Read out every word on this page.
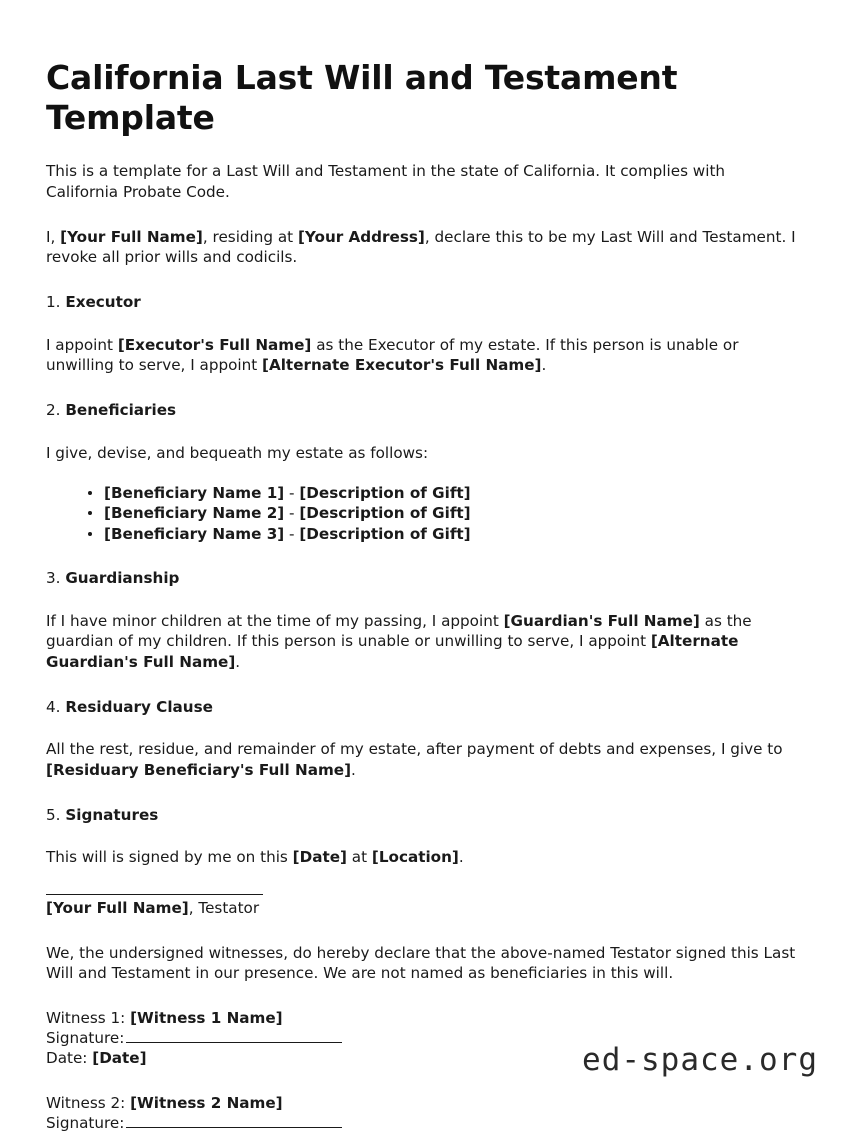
California Last Will and Testament Template

This is a template for a Last Will and Testament in the state of California. It complies with California Probate Code.

I, [Your Full Name], residing at [Your Address], declare this to be my Last Will and Testament. I revoke all prior wills and codicils.

1. Executor

I appoint [Executor's Full Name] as the Executor of my estate. If this person is unable or unwilling to serve, I appoint [Alternate Executor's Full Name].

2. Beneficiaries

I give, devise, and bequeath my estate as follows:

[Beneficiary Name 1] - [Description of Gift]
[Beneficiary Name 2] - [Description of Gift]
[Beneficiary Name 3] - [Description of Gift]
3. Guardianship

If I have minor children at the time of my passing, I appoint [Guardian's Full Name] as the guardian of my children. If this person is unable or unwilling to serve, I appoint [Alternate Guardian's Full Name].

4. Residuary Clause

All the rest, residue, and remainder of my estate, after payment of debts and expenses, I give to [Residuary Beneficiary's Full Name].

5. Signatures

This will is signed by me on this [Date] at [Location].

[Your Full Name], Testator

We, the undersigned witnesses, do hereby declare that the above-named Testator signed this Last Will and Testament in our presence. We are not named as beneficiaries in this will.

Witness 1: [Witness 1 Name]
Signature:
Date: [Date]
Witness 2: [Witness 2 Name]
Signature:
ed-space.org
